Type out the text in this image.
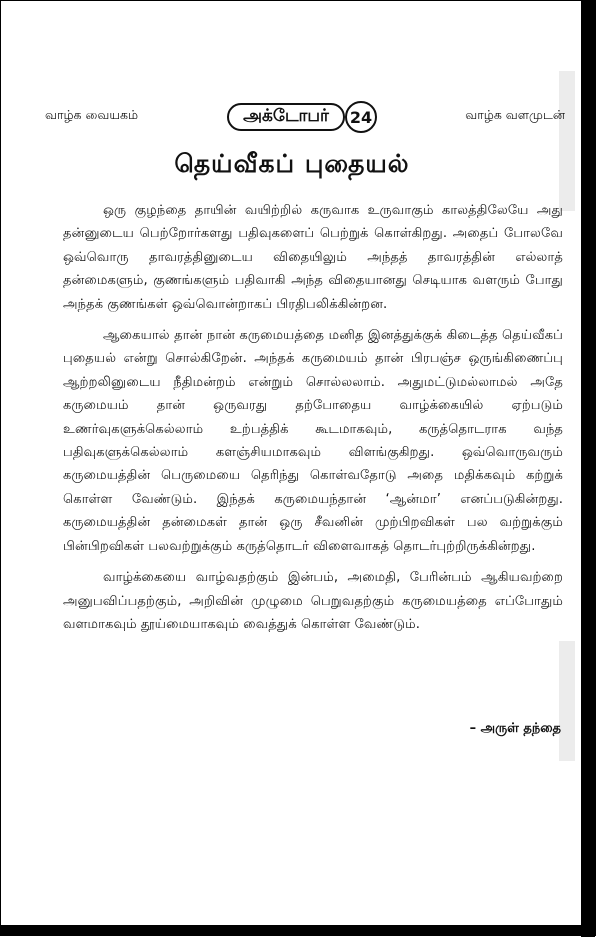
வாழ்க வையகம்	அக்டோபர்	24	வாழ்க வளமுடன்
தெய்வீகப் புதையல்

ஒரு குழந்தை தாயின் வயிற்றில் கருவாக உருவாகும் காலத்திலேயே அது தன்னுடைய பெற்றோர்களது பதிவுகளைப் பெற்றுக் கொள்கிறது. அதைப் போலவே ஒவ்வொரு தாவரத்தினுடைய விதையிலும் அந்தத் தாவரத்தின் எல்லாத் தன்மைகளும், குணங்களும் பதிவாகி அந்த விதையானது செடியாக வளரும் போது அந்தக் குணங்கள் ஒவ்வொன்றாகப் பிரதிபலிக்கின்றன.

ஆகையால் தான் நான் கருமையத்தை மனித இனத்துக்குக் கிடைத்த தெய்வீகப் புதையல் என்று சொல்கிறேன். அந்தக் கருமையம் தான் பிரபஞ்ச ஒருங்கிணைப்பு ஆற்றலினுடைய நீதிமன்றம் என்றும் சொல்லலாம். அதுமட்டுமல்லாமல் அதே கருமையம் தான் ஒருவரது தற்போதைய வாழ்க்கையில் ஏற்படும் உணர்வுகளுக்கெல்லாம் உற்பத்திக் கூடமாகவும், கருத்தொடராக வந்த பதிவுகளுக்கெல்லாம் களஞ்சியமாகவும் விளங்குகிறது. ஒவ்வொருவரும் கருமையத்தின் பெருமையை தெரிந்து கொள்வதோடு அதை மதிக்கவும் கற்றுக் கொள்ள வேண்டும். இந்தக் கருமையந்தான் ‘ஆன்மா’ எனப்படுகின்றது. கருமையத்தின் தன்மைகள் தான் ஒரு சீவனின் முற்பிறவிகள் பல வற்றுக்கும் பின்பிறவிகள் பலவற்றுக்கும் கருத்தொடர் விளைவாகத் தொடர்புற்றிருக்கின்றது.

வாழ்க்கையை வாழ்வதற்கும் இன்பம், அமைதி, பேரின்பம் ஆகியவற்றை அனுபவிப்பதற்கும், அறிவின் முழுமை பெறுவதற்கும் கருமையத்தை எப்போதும் வளமாகவும் தூய்மையாகவும் வைத்துக் கொள்ள வேண்டும்.

– அருள் தந்தை
